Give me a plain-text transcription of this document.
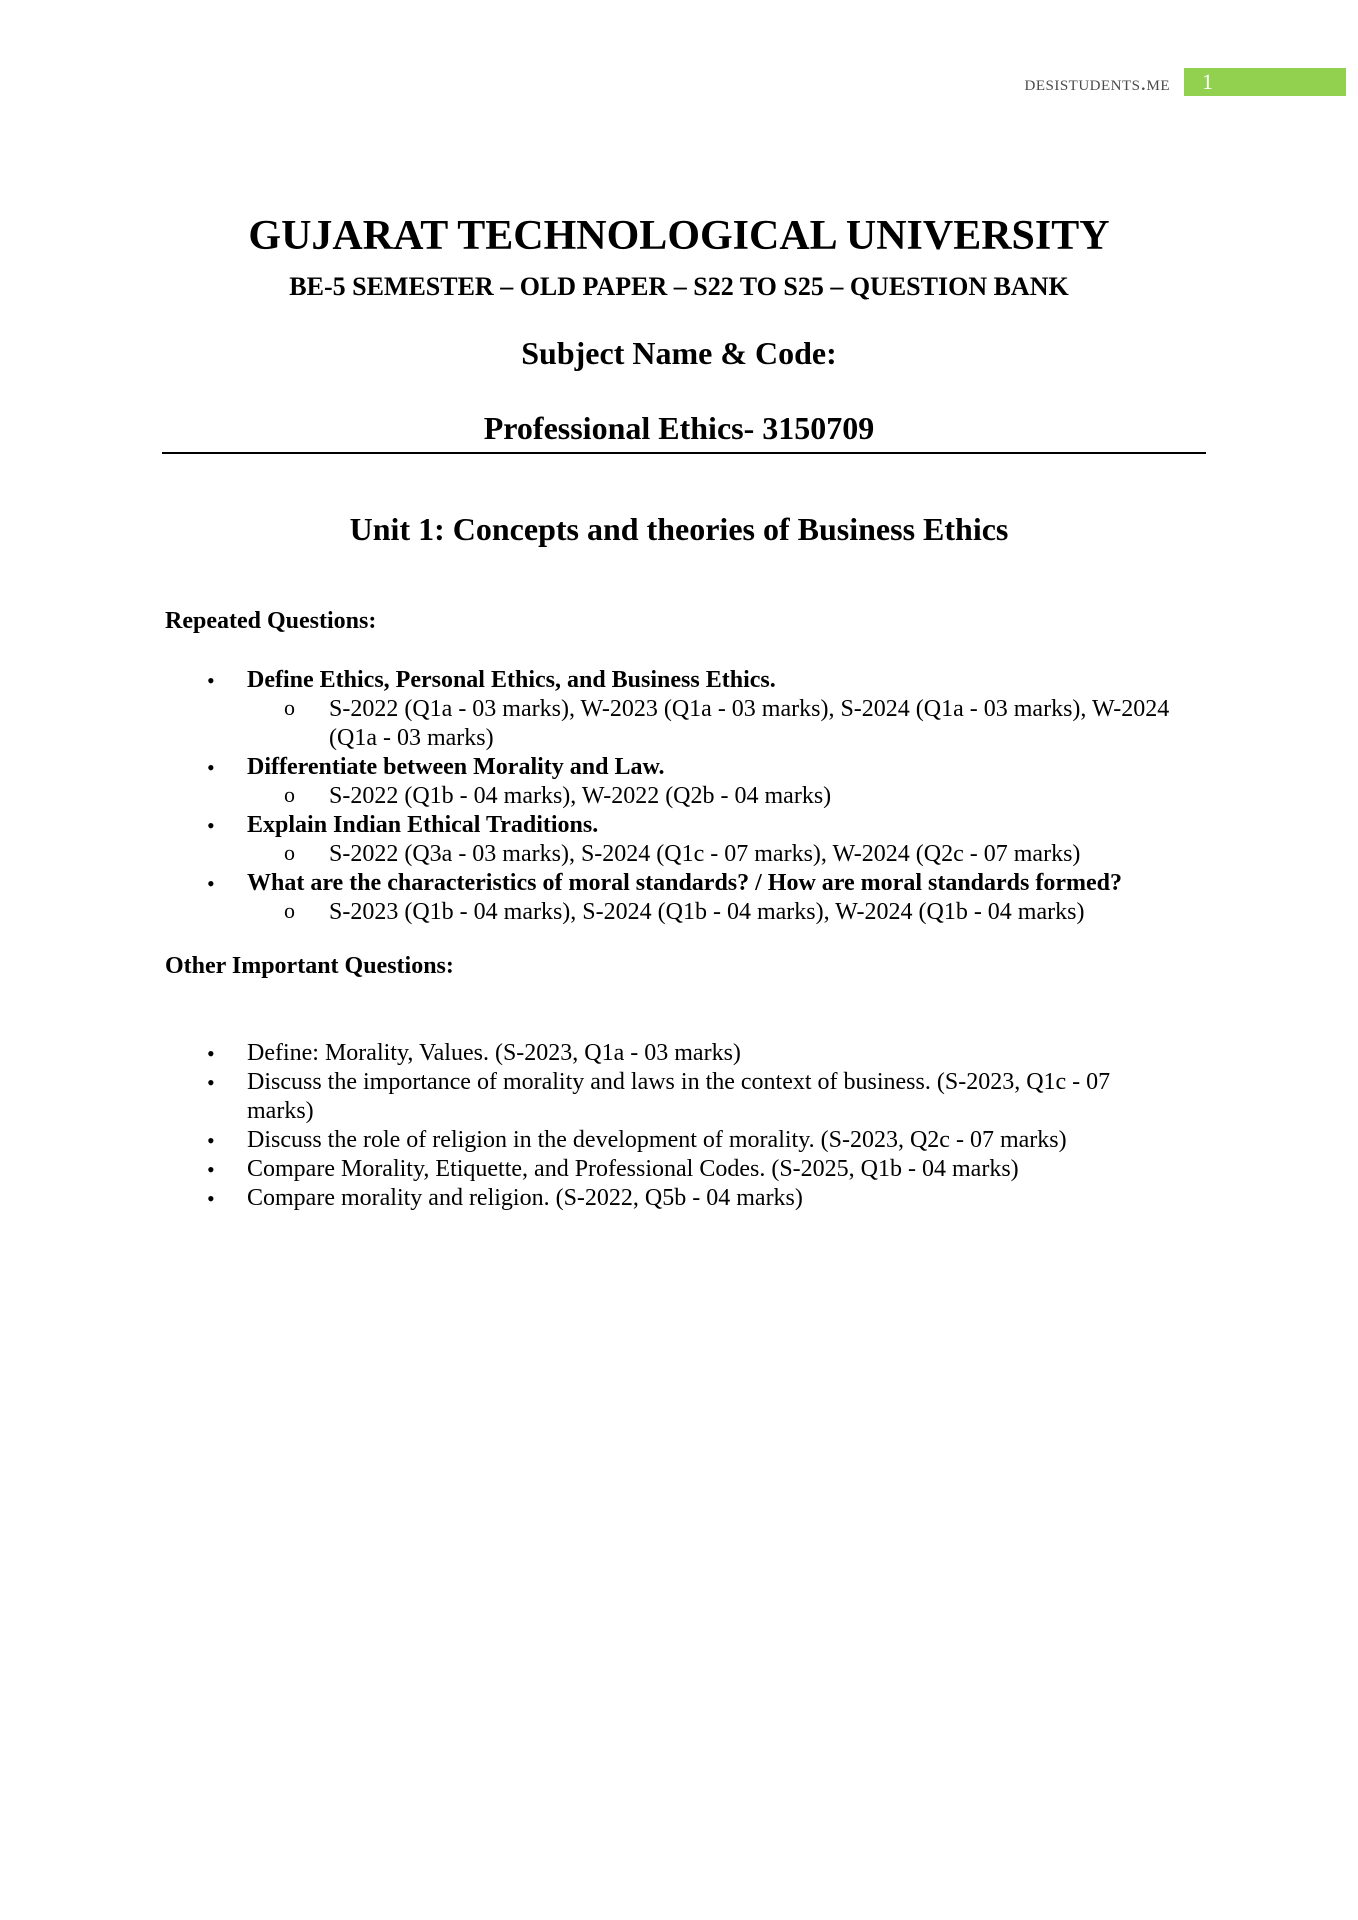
desistudents.me	1
GUJARAT TECHNOLOGICAL UNIVERSITY
BE-5 SEMESTER – OLD PAPER – S22 TO S25 – QUESTION BANK
Subject Name & Code:
Professional Ethics- 3150709
Unit 1: Concepts and theories of Business Ethics
Repeated Questions:
• Define Ethics, Personal Ethics, and Business Ethics.
o S-2022 (Q1a - 03 marks), W-2023 (Q1a - 03 marks), S-2024 (Q1a - 03 marks), W-2024 (Q1a - 03 marks)
• Differentiate between Morality and Law.
o S-2022 (Q1b - 04 marks), W-2022 (Q2b - 04 marks)
• Explain Indian Ethical Traditions.
o S-2022 (Q3a - 03 marks), S-2024 (Q1c - 07 marks), W-2024 (Q2c - 07 marks)
• What are the characteristics of moral standards? / How are moral standards formed?
o S-2023 (Q1b - 04 marks), S-2024 (Q1b - 04 marks), W-2024 (Q1b - 04 marks)
Other Important Questions:
• Define: Morality, Values. (S-2023, Q1a - 03 marks)
• Discuss the importance of morality and laws in the context of business. (S-2023, Q1c - 07 marks)
• Discuss the role of religion in the development of morality. (S-2023, Q2c - 07 marks)
• Compare Morality, Etiquette, and Professional Codes. (S-2025, Q1b - 04 marks)
• Compare morality and religion. (S-2022, Q5b - 04 marks)
